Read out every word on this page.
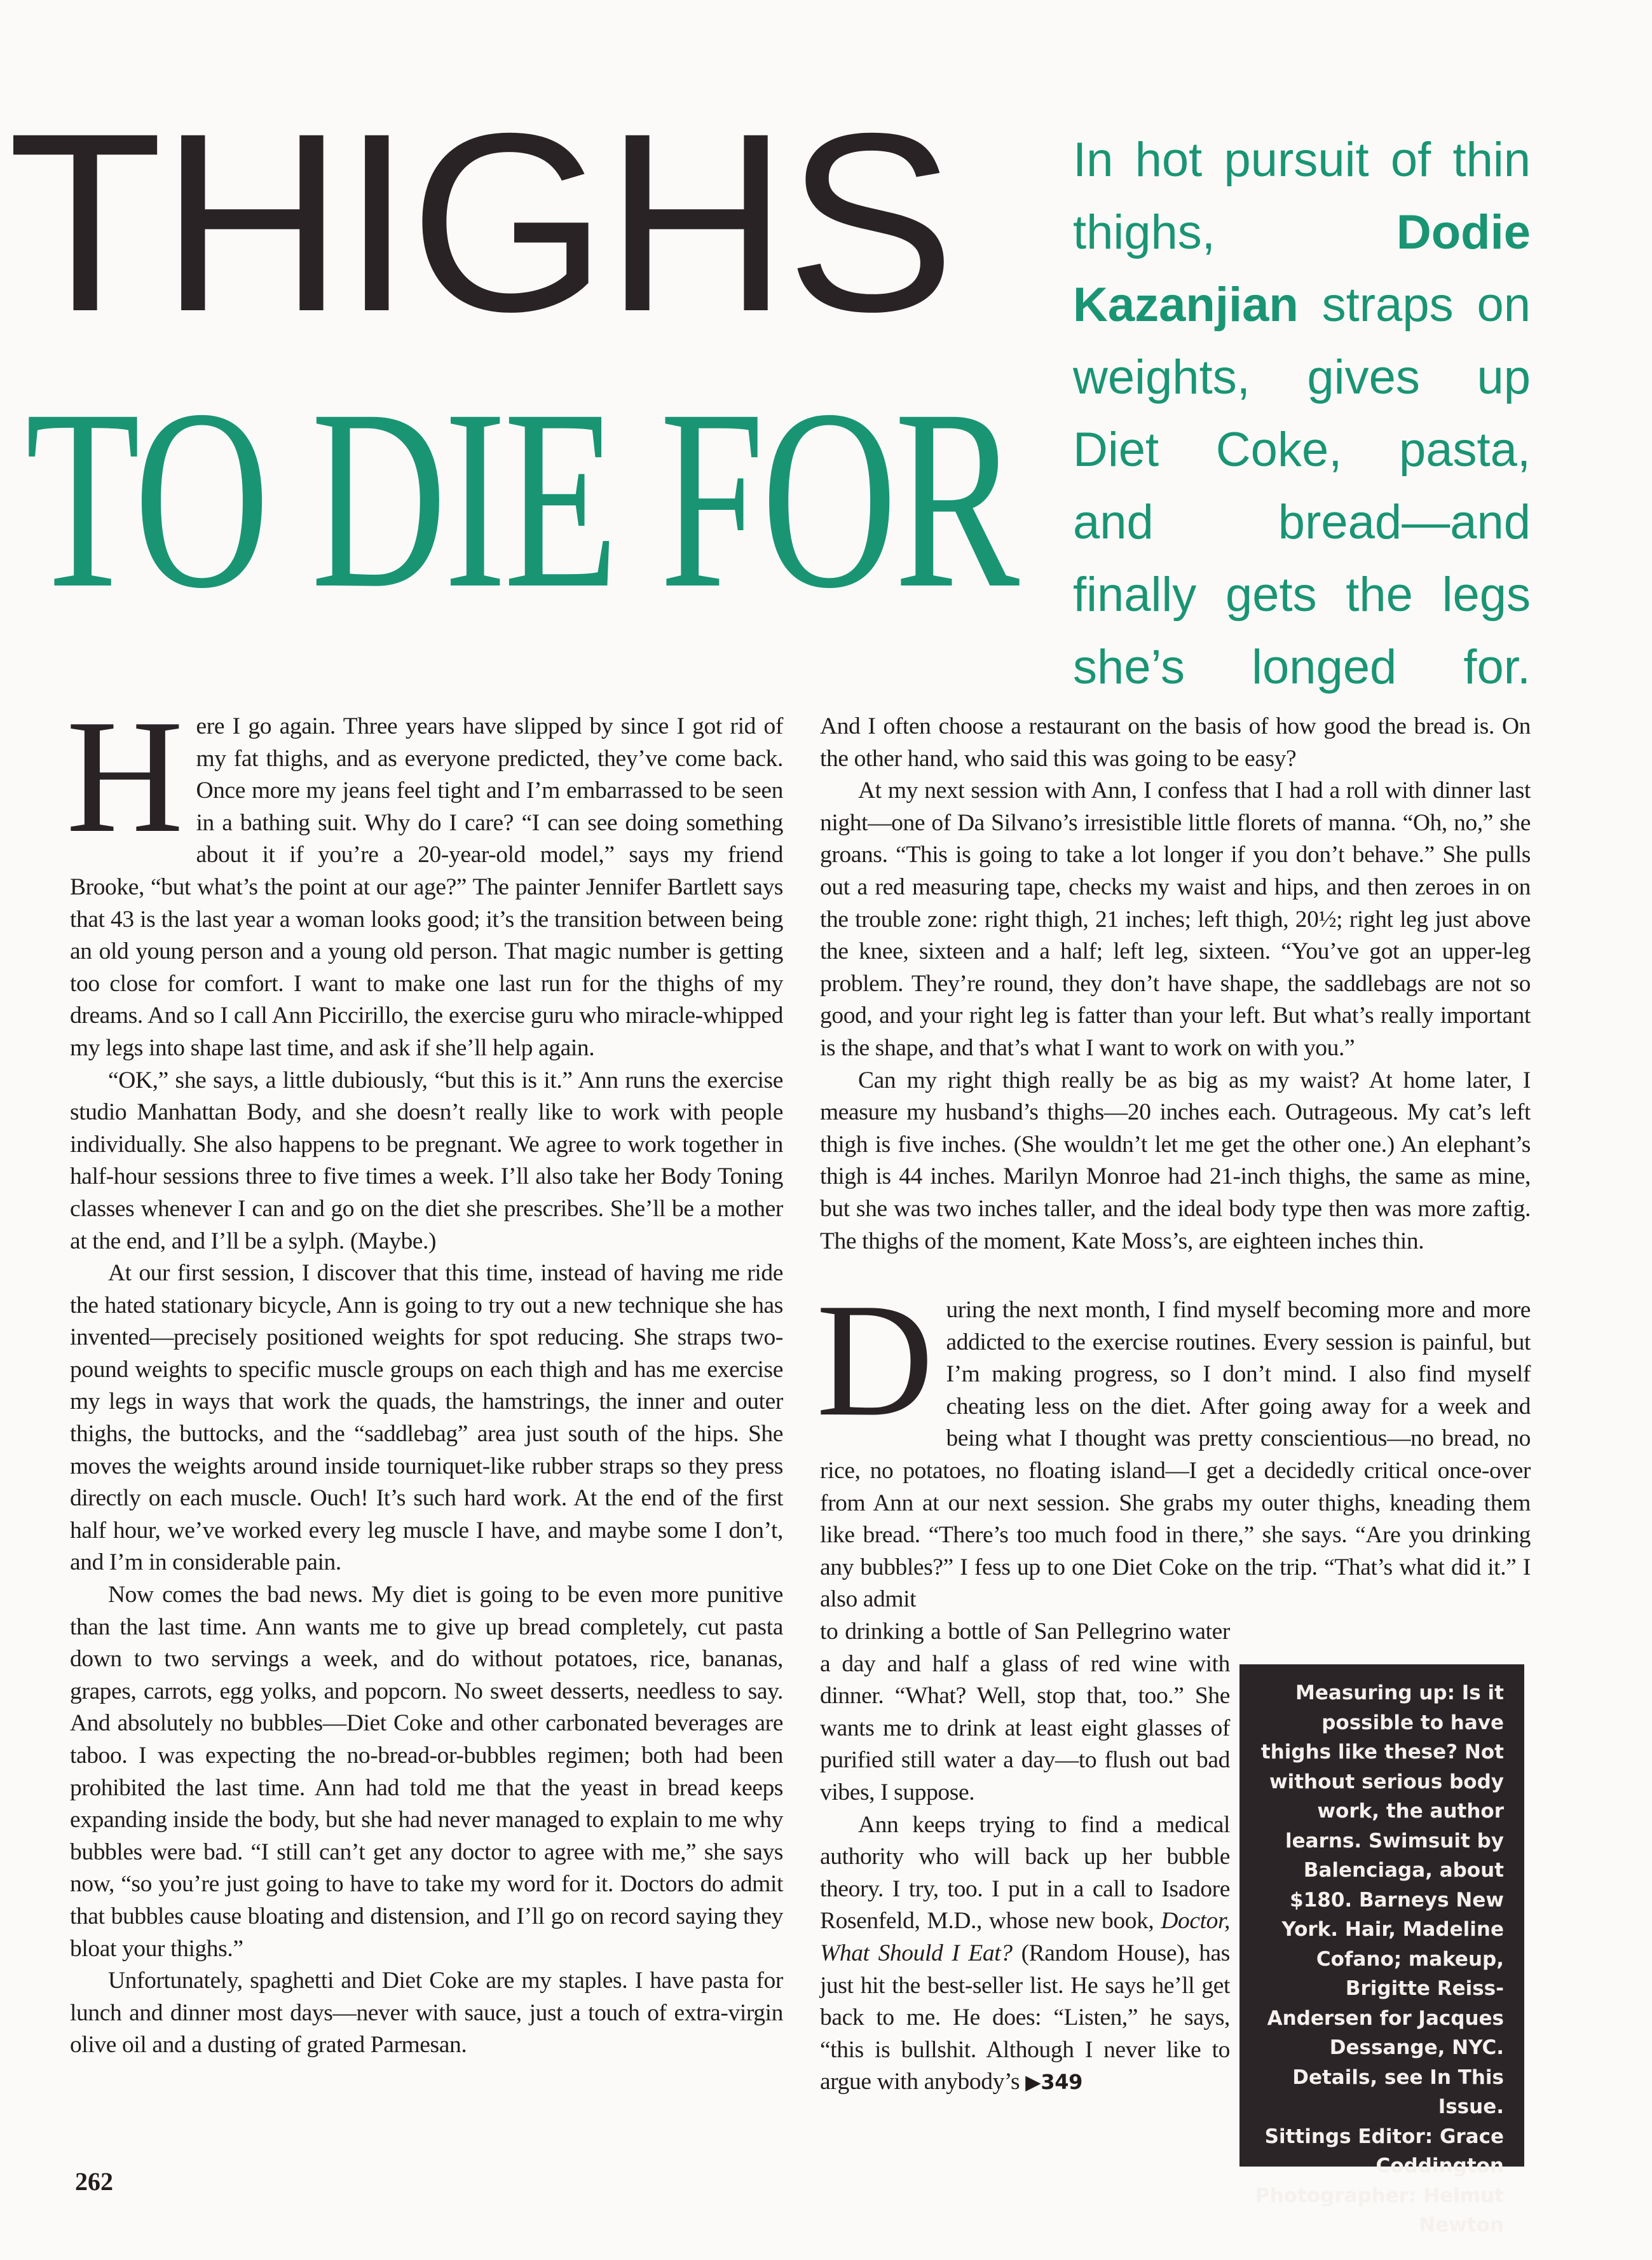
THIGHS
TO DIE FOR

In hot pursuit of thin thighs, Dodie Kazanjian straps on weights, gives up Diet Coke, pasta, and bread—and finally gets the legs she’s longed for.

Here I go again. Three years have slipped by since I got rid of my fat thighs, and as everyone predicted, they’ve come back. Once more my jeans feel tight and I’m embarrassed to be seen in a bathing suit. Why do I care? “I can see doing something about it if you’re a 20-year-old model,” says my friend Brooke, “but what’s the point at our age?” The painter Jennifer Bartlett says that 43 is the last year a woman looks good; it’s the transition between being an old young person and a young old person. That magic number is getting too close for comfort. I want to make one last run for the thighs of my dreams. And so I call Ann Piccirillo, the exercise guru who miracle-whipped my legs into shape last time, and ask if she’ll help again.

“OK,” she says, a little dubiously, “but this is it.” Ann runs the exercise studio Manhattan Body, and she doesn’t really like to work with people individually. She also happens to be pregnant. We agree to work together in half-hour sessions three to five times a week. I’ll also take her Body Toning classes whenever I can and go on the diet she prescribes. She’ll be a mother at the end, and I’ll be a sylph. (Maybe.)

At our first session, I discover that this time, instead of having me ride the hated stationary bicycle, Ann is going to try out a new technique she has invented—precisely positioned weights for spot reducing. She straps two-pound weights to specific muscle groups on each thigh and has me exercise my legs in ways that work the quads, the hamstrings, the inner and outer thighs, the buttocks, and the “saddlebag” area just south of the hips. She moves the weights around inside tourniquet-like rubber straps so they press directly on each muscle. Ouch! It’s such hard work. At the end of the first half hour, we’ve worked every leg muscle I have, and maybe some I don’t, and I’m in considerable pain.

Now comes the bad news. My diet is going to be even more punitive than the last time. Ann wants me to give up bread completely, cut pasta down to two servings a week, and do without potatoes, rice, bananas, grapes, carrots, egg yolks, and popcorn. No sweet desserts, needless to say. And absolutely no bubbles—Diet Coke and other carbonated beverages are taboo. I was expecting the no-bread-or-bubbles regimen; both had been prohibited the last time. Ann had told me that the yeast in bread keeps expanding inside the body, but she had never managed to explain to me why bubbles were bad. “I still can’t get any doctor to agree with me,” she says now, “so you’re just going to have to take my word for it. Doctors do admit that bubbles cause bloating and distension, and I’ll go on record saying they bloat your thighs.”

Unfortunately, spaghetti and Diet Coke are my staples. I have pasta for lunch and dinner most days—never with sauce, just a touch of extra-virgin olive oil and a dusting of grated Parmesan.

And I often choose a restaurant on the basis of how good the bread is. On the other hand, who said this was going to be easy?

At my next session with Ann, I confess that I had a roll with dinner last night—one of Da Silvano’s irresistible little florets of manna. “Oh, no,” she groans. “This is going to take a lot longer if you don’t behave.” She pulls out a red measuring tape, checks my waist and hips, and then zeroes in on the trouble zone: right thigh, 21 inches; left thigh, 20½; right leg just above the knee, sixteen and a half; left leg, sixteen. “You’ve got an upper-leg problem. They’re round, they don’t have shape, the saddlebags are not so good, and your right leg is fatter than your left. But what’s really important is the shape, and that’s what I want to work on with you.”

Can my right thigh really be as big as my waist? At home later, I measure my husband’s thighs—20 inches each. Outrageous. My cat’s left thigh is five inches. (She wouldn’t let me get the other one.) An elephant’s thigh is 44 inches. Marilyn Monroe had 21-inch thighs, the same as mine, but she was two inches taller, and the ideal body type then was more zaftig. The thighs of the moment, Kate Moss’s, are eighteen inches thin.

During the next month, I find myself becoming more and more addicted to the exercise routines. Every session is painful, but I’m making progress, so I don’t mind. I also find myself cheating less on the diet. After going away for a week and being what I thought was pretty conscientious—no bread, no rice, no potatoes, no floating island—I get a decidedly critical once-over from Ann at our next session. She grabs my outer thighs, kneading them like bread. “There’s too much food in there,” she says. “Are you drinking any bubbles?” I fess up to one Diet Coke on the trip. “That’s what did it.” I also admit

to drinking a bottle of San Pellegrino water a day and half a glass of red wine with dinner. “What? Well, stop that, too.” She wants me to drink at least eight glasses of purified still water a day—to flush out bad vibes, I suppose.

Ann keeps trying to find a medical authority who will back up her bubble theory. I try, too. I put in a call to Isadore Rosenfeld, M.D., whose new book, Doctor, What Should I Eat? (Random House), has just hit the best-seller list. He says he’ll get back to me. He does: “Listen,” he says, “this is bullshit. Although I never like to argue with anybody’s ▶349

Measuring up: Is it possible to have thighs like these? Not without serious body work, the author learns. Swimsuit by Balenciaga, about $180. Barneys New York. Hair, Madeline Cofano; makeup, Brigitte Reiss-Andersen for Jacques Dessange, NYC. Details, see In This Issue.

Sittings Editor: Grace Coddington

Photographer: Helmut Newton

262
